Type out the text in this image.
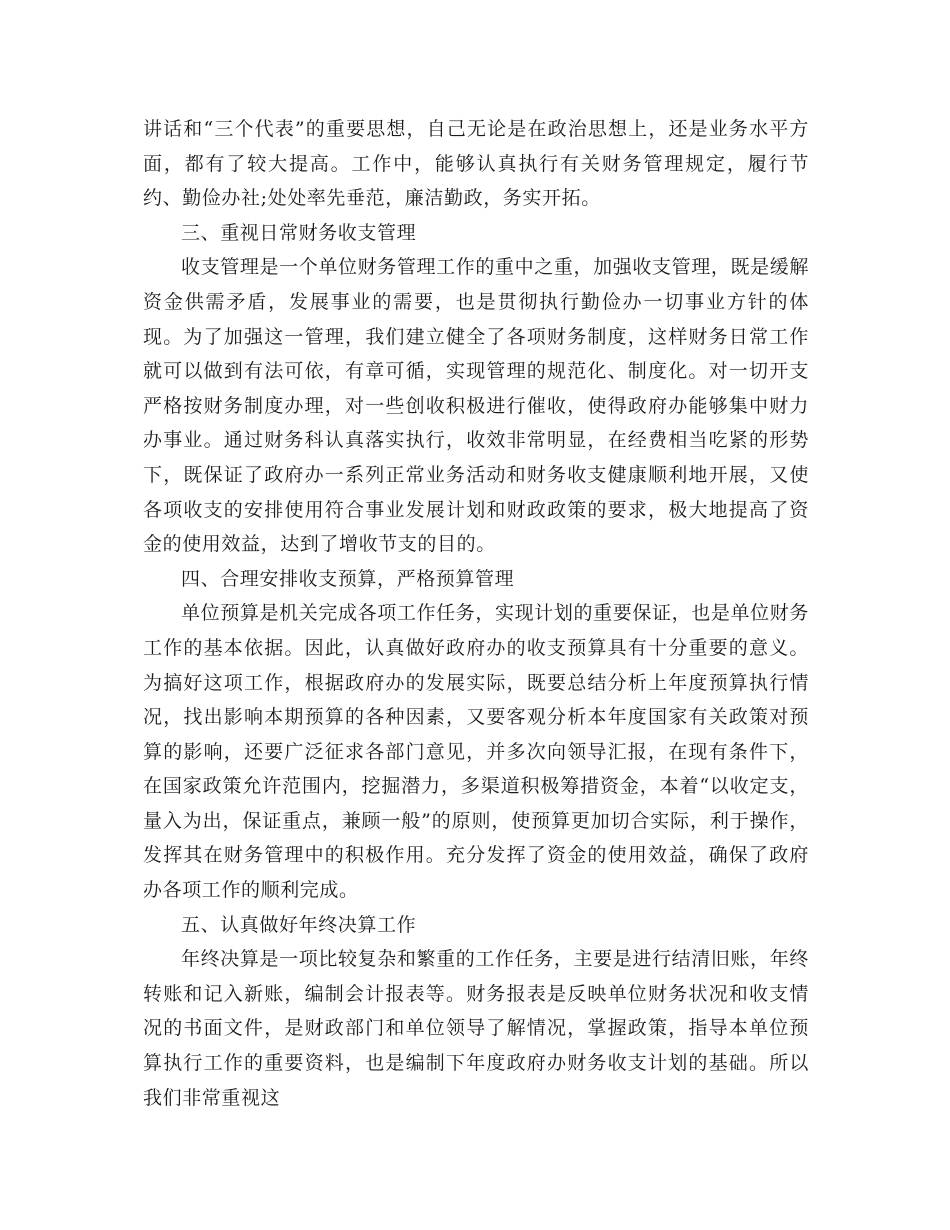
讲话和“三个代表”的重要思想，自己无论是在政治思想上，还是业务水平方面，都有了较大提高。工作中，能够认真执行有关财务管理规定，履行节约、勤俭办社;处处率先垂范，廉洁勤政，务实开拓。

三、重视日常财务收支管理

收支管理是一个单位财务管理工作的重中之重，加强收支管理，既是缓解资金供需矛盾，发展事业的需要，也是贯彻执行勤俭办一切事业方针的体现。为了加强这一管理，我们建立健全了各项财务制度，这样财务日常工作就可以做到有法可依，有章可循，实现管理的规范化、制度化。对一切开支严格按财务制度办理，对一些创收积极进行催收，使得政府办能够集中财力办事业。通过财务科认真落实执行，收效非常明显，在经费相当吃紧的形势下，既保证了政府办一系列正常业务活动和财务收支健康顺利地开展，又使各项收支的安排使用符合事业发展计划和财政政策的要求，极大地提高了资金的使用效益，达到了增收节支的目的。

四、合理安排收支预算，严格预算管理

单位预算是机关完成各项工作任务，实现计划的重要保证，也是单位财务工作的基本依据。因此，认真做好政府办的收支预算具有十分重要的意义。为搞好这项工作，根据政府办的发展实际，既要总结分析上年度预算执行情况，找出影响本期预算的各种因素，又要客观分析本年度国家有关政策对预算的影响，还要广泛征求各部门意见，并多次向领导汇报，在现有条件下，在国家政策允许范围内，挖掘潜力，多渠道积极筹措资金，本着“以收定支，量入为出，保证重点，兼顾一般”的原则，使预算更加切合实际，利于操作，发挥其在财务管理中的积极作用。充分发挥了资金的使用效益，确保了政府办各项工作的顺利完成。

五、认真做好年终决算工作

年终决算是一项比较复杂和繁重的工作任务，主要是进行结清旧账，年终转账和记入新账，编制会计报表等。财务报表是反映单位财务状况和收支情况的书面文件，是财政部门和单位领导了解情况，掌握政策，指导本单位预算执行工作的重要资料，也是编制下年度政府办财务收支计划的基础。所以我们非常重视这
